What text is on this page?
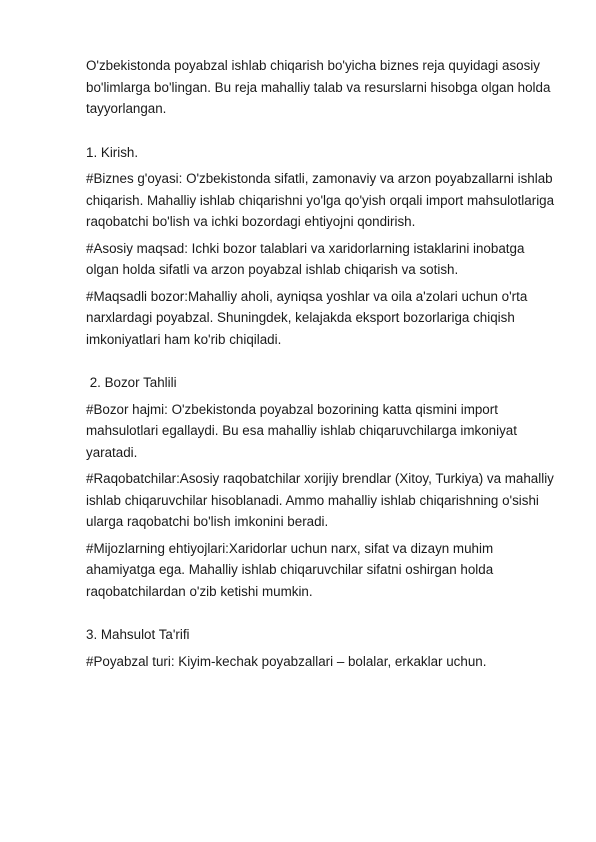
O'zbekistonda poyabzal ishlab chiqarish bo'yicha biznes reja quyidagi asosiy bo'limlarga bo'lingan. Bu reja mahalliy talab va resurslarni hisobga olgan holda tayyorlangan.

1. Kirish.

#Biznes g'oyasi: O'zbekistonda sifatli, zamonaviy va arzon poyabzallarni ishlab chiqarish. Mahalliy ishlab chiqarishni yo'lga qo'yish orqali import mahsulotlariga raqobatchi bo'lish va ichki bozordagi ehtiyojni qondirish.

#Asosiy maqsad: Ichki bozor talablari va xaridorlarning istaklarini inobatga olgan holda sifatli va arzon poyabzal ishlab chiqarish va sotish.

#Maqsadli bozor:Mahalliy aholi, ayniqsa yoshlar va oila a'zolari uchun o'rta narxlardagi poyabzal. Shuningdek, kelajakda eksport bozorlariga chiqish imkoniyatlari ham ko'rib chiqiladi.

2. Bozor Tahlili

#Bozor hajmi: O'zbekistonda poyabzal bozorining katta qismini import mahsulotlari egallaydi. Bu esa mahalliy ishlab chiqaruvchilarga imkoniyat yaratadi.

#Raqobatchilar:Asosiy raqobatchilar xorijiy brendlar (Xitoy, Turkiya) va mahalliy ishlab chiqaruvchilar hisoblanadi. Ammo mahalliy ishlab chiqarishning o'sishi ularga raqobatchi bo'lish imkonini beradi.

#Mijozlarning ehtiyojlari:Xaridorlar uchun narx, sifat va dizayn muhim ahamiyatga ega. Mahalliy ishlab chiqaruvchilar sifatni oshirgan holda raqobatchilardan o'zib ketishi mumkin.

3. Mahsulot Ta'rifi

#Poyabzal turi: Kiyim-kechak poyabzallari – bolalar, erkaklar uchun.
